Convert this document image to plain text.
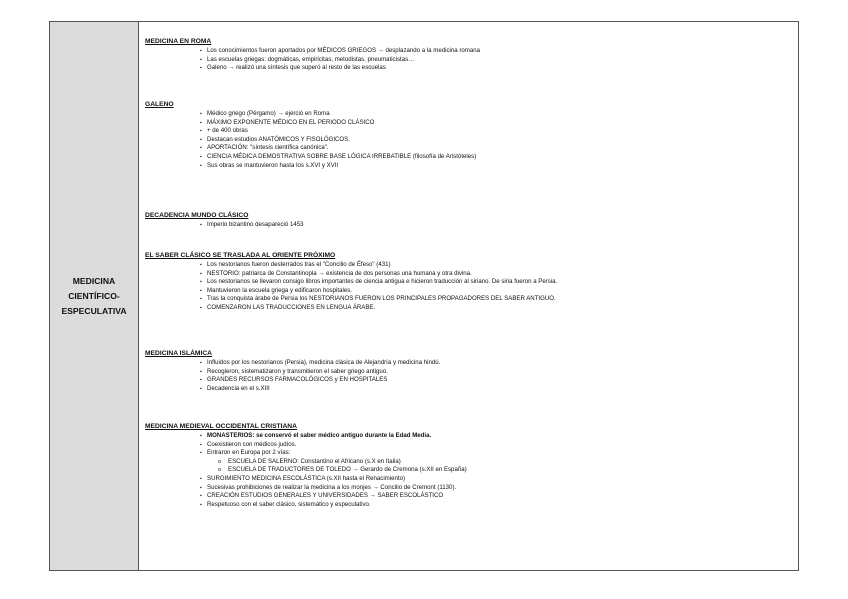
MEDICINA
CIENTÍFICO-
ESPECULATIVA
MEDICINA EN ROMA
▪ Los conocimientos fueron aportados por MÉDICOS GRIEGOS → desplazando a la medicina romana
▪ Las escuelas griegas: dogmáticas, empiricitas, metodistas, pneumaticistas…
▪ Galeno → realizó una síntesis que superó al resto de las escuelas
GALENO
▪ Médico griego (Pérgamo) → ejerció en Roma
▪ MÁXIMO EXPONENTE MÉDICO EN EL PERIODO CLÁSICO
▪ + de 400 obras
▪ Destacan estudios ANATÓMICOS Y FISOLÓGICOS.
▪ APORTACIÓN: "síntesis científica canónica".
▪ CIENCIA MÉDICA DEMOSTRATIVA SOBRE BASE LÓGICA IRREBATIBLE (filosofía de Aristóteles)
▪ Sus obras se mantuvieron hasta los s.XVI y XVII
DECADENCIA MUNDO CLÁSICO
▪ Imperio bizantino desapareció 1453
EL SABER CLÁSICO SE TRASLADA AL ORIENTE PRÓXIMO
▪ Los nestorianos fueron desterrados tras el "Concilio de Éfeso" (431)
▪ NESTORIO: patriarca de Constantinopla → existencia de dos personas una humana y otra divina.
▪ Los nestorianos se llevaron consigo libros importantes de ciencia antigua e hicieron traducción al siriano. De siria fueron a Persia.
▪ Mantuvieron la escuela griega y edificaron hospitales.
▪ Tras la conquista árabe de Persia los NESTORIANOS FUERON LOS PRINCIPALES PROPAGADORES DEL SABER ANTIGUO.
▪ COMENZARON LAS TRADUCCIONES EN LENGUA ÁRABE.
MEDICINA ISLÁMICA
▪ Influidos por los nestorianos (Persia), medicina clásica de Alejandría y medicina hindú.
▪ Recogieron, sistematizaron y transmitieron el saber griego antiguo.
▪ GRANDES RECURSOS FARMACOLÓGICOS y EN HOSPITALES
▪ Decadencia en el s.XIII
MEDICINA MEDIEVAL OCCIDENTAL CRISTIANA
▪ MONASTERIOS: se conservó el saber médico antiguo durante la Edad Media.
▪ Coexistieron con médicos judíos.
▪ Entraron en Europa por 2 vías:
o ESCUELA DE SALERNO: Constantino el Africano (s.X en Italia)
o ESCUELA DE TRADUCTORES DE TOLEDO → Gerardo de Cremona (s.XII en España)
▪ SURGIMIENTO MEDICINA ESCOLÁSTICA (s.XII hasta el Renacimiento)
▪ Sucesivas prohibiciones de realizar la medicina a los monjes → Concilio de Cremont (1130).
▪ CREACIÓN ESTUDIOS GENERALES Y UNIVERSIDADES → SABER ESCOLÁSTICO
▪ Respetuoso con el saber clásico, sistemático y especulativo.
